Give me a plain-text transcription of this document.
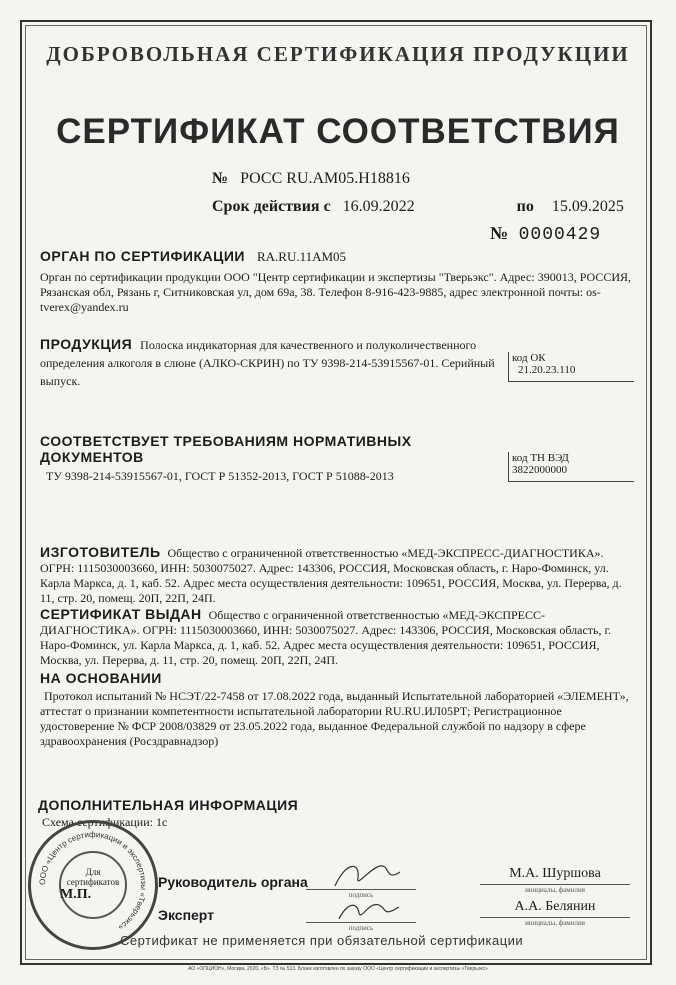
ДОБРОВОЛЬНАЯ СЕРТИФИКАЦИЯ ПРОДУКЦИИ
СЕРТИФИКАТ СООТВЕТСТВИЯ
№ РОСС RU.АМ05.Н18816
Срок действия с 16.09.2022	по 15.09.2025
№ 0000429
ОРГАН ПО СЕРТИФИКАЦИИ RA.RU.11АМ05
Орган по сертификации продукции ООО "Центр сертификации и экспертизы "Тверьэкс". Адрес: 390013, РОССИЯ, Рязанская обл, Рязань г, Ситниковская ул, дом 69а, 38. Телефон 8-916-423-9885, адрес электронной почты: os-tverex@yandex.ru
ПРОДУКЦИЯ Полоска индикаторная для качественного и полуколичественного определения алкоголя в слюне (АЛКО-СКРИН) по ТУ 9398-214-53915567-01. Серийный выпуск.
код ОК
21.20.23.110
СООТВЕТСТВУЕТ ТРЕБОВАНИЯМ НОРМАТИВНЫХ ДОКУМЕНТОВ
ТУ 9398-214-53915567-01, ГОСТ Р 51352-2013, ГОСТ Р 51088-2013
код ТН ВЭД
3822000000
ИЗГОТОВИТЕЛЬ Общество с ограниченной ответственностью «МЕД-ЭКСПРЕСС-ДИАГНОСТИКА». ОГРН: 1115030003660, ИНН: 5030075027. Адрес: 143306, РОССИЯ, Московская область, г. Наро-Фоминск, ул. Карла Маркса, д. 1, каб. 52. Адрес места осуществления деятельности: 109651, РОССИЯ, Москва, ул. Перерва, д. 11, стр. 20, помещ. 20П, 22П, 24П.
СЕРТИФИКАТ ВЫДАН Общество с ограниченной ответственностью «МЕД-ЭКСПРЕСС-ДИАГНОСТИКА». ОГРН: 1115030003660, ИНН: 5030075027. Адрес: 143306, РОССИЯ, Московская область, г. Наро-Фоминск, ул. Карла Маркса, д. 1, каб. 52. Адрес места осуществления деятельности: 109651, РОССИЯ, Москва, ул. Перерва, д. 11, стр. 20, помещ. 20П, 22П, 24П.
НА ОСНОВАНИИ
Протокол испытаний № НСЭТ/22-7458 от 17.08.2022 года, выданный Испытательной лабораторией «ЭЛЕМЕНТ», аттестат о признании компетентности испытательной лаборатории RU.RU.ИЛ05РТ; Регистрационное удостоверение № ФСР 2008/03829 от 23.05.2022 года, выданное Федеральной службой по надзору в сфере здравоохранения (Росздравнадзор)
ДОПОЛНИТЕЛЬНАЯ ИНФОРМАЦИЯ
Схема сертификации: 1с
ООО «Центр сертификации и экспертизы «Тверьэкс»
Для сертификатов
М.П.
Руководитель органа
подпись
М.А. Шуршова
инициалы, фамилия
Эксперт
подпись
А.А. Белянин
инициалы, фамилия
Сертификат не применяется при обязательной сертификации
АО «ОПЦИОН», Москва, 2020, «Б». ТЗ № 513. Бланк изготовлен по заказу ООО «Центр сертификации и экспертизы «Тверьэкс»
